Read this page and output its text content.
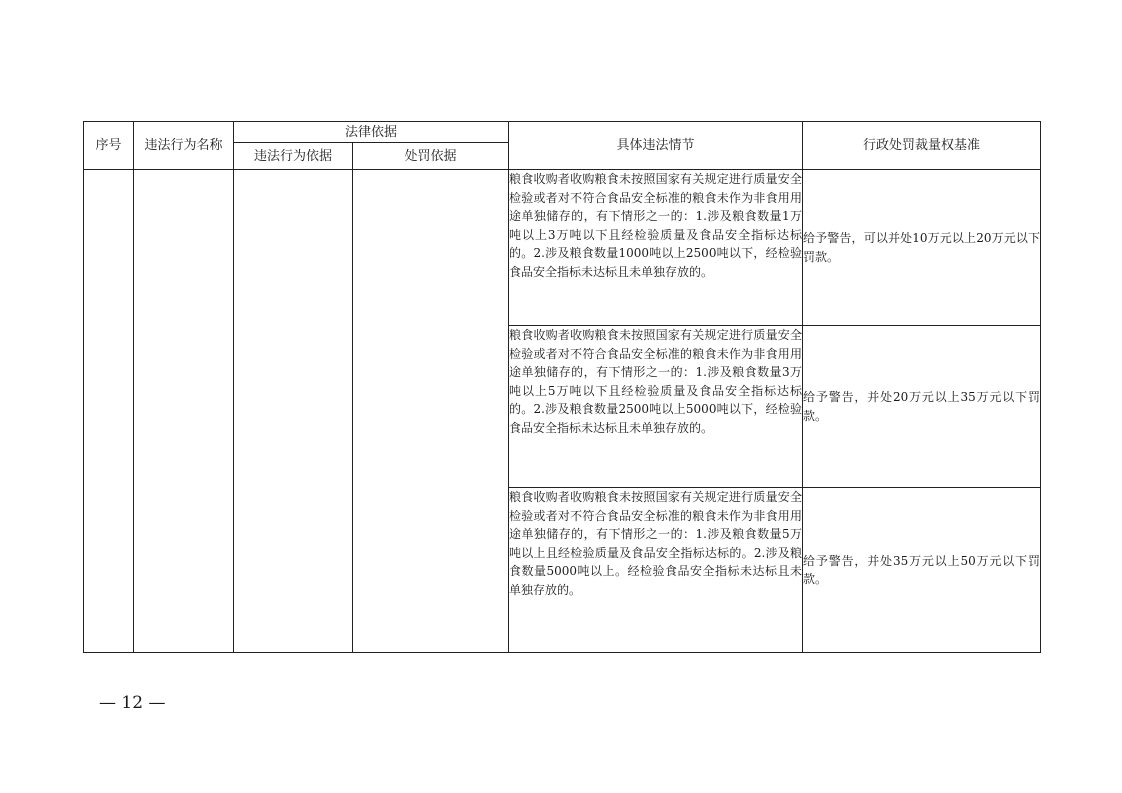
序号	违法行为名称	法律依据		具体违法情节	行政处罚裁量权基准
		违法行为依据	处罚依据		
				粮食收购者收购粮食未按照国家有关规定进行质量安全检验或者对不符合食品安全标准的粮食未作为非食用用途单独储存的，有下情形之一的：1.涉及粮食数量1万吨以上3万吨以下且经检验质量及食品安全指标达标的。2.涉及粮食数量1000吨以上2500吨以下，经检验食品安全指标未达标且未单独存放的。	给予警告，可以并处10万元以上20万元以下罚款。
				粮食收购者收购粮食未按照国家有关规定进行质量安全检验或者对不符合食品安全标准的粮食未作为非食用用途单独储存的，有下情形之一的：1.涉及粮食数量3万吨以上5万吨以下且经检验质量及食品安全指标达标的。2.涉及粮食数量2500吨以上5000吨以下，经检验食品安全指标未达标且未单独存放的。	给予警告，并处20万元以上35万元以下罚款。
				粮食收购者收购粮食未按照国家有关规定进行质量安全检验或者对不符合食品安全标准的粮食未作为非食用用途单独储存的，有下情形之一的：1.涉及粮食数量5万吨以上且经检验质量及食品安全指标达标的。2.涉及粮食数量5000吨以上。经检验食品安全指标未达标且未单独存放的。	给予警告，并处35万元以上50万元以下罚款。
— 12 —
